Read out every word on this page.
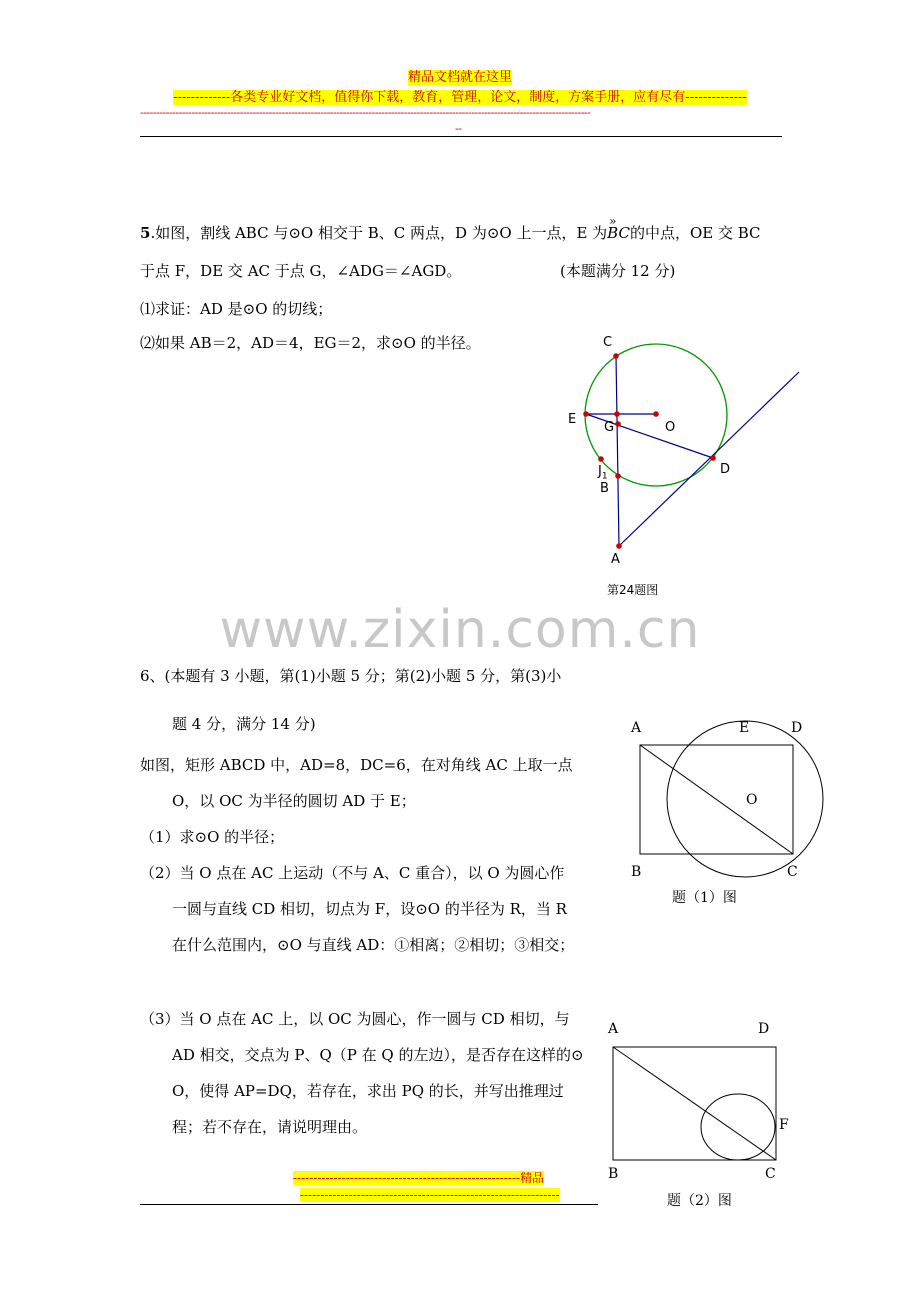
精品文档就在这里
-------------各类专业好文档，值得你下载，教育，管理，论文，制度，方案手册，应有尽有--------------
--------------------------------------------------------------------------------------------------------------------------------------------
--
5.如图，割线 ABC 与⊙O 相交于 B、C 两点，D 为⊙O 上一点，E 为
»
BC的中点，OE 交 BC
于点 F，DE 交 AC 于点 G，∠ADG＝∠AGD。	(本题满分 12 分)
⑴求证：AD 是⊙O 的切线；
⑵如果 AB＝2，AD＝4，EG＝2，求⊙O 的半径。	C
E
G	O
$J_1$
B
D
A
第24题图
www.zixin.com.cn
6、(本题有 3 小题，第(1)小题 5 分；第(2)小题 5 分，第(3)小
题 4 分，满分 14 分)
如图，矩形 ABCD 中，AD=8，DC=6，在对角线 AC 上取一点
O，以 OC 为半径的圆切 AD 于 E；
（1）求⊙O 的半径；
（2）当 O 点在 AC 上运动（不与 A、C 重合），以 O 为圆心作
一圆与直线 CD 相切，切点为 F，设⊙O 的半径为 R，当 R
在什么范围内，⊙O 与直线 AD：①相离；②相切；③相交；
（3）当 O 点在 AC 上，以 OC 为圆心，作一圆与 CD 相切，与
AD 相交，交点为 P、Q（P 在 Q 的左边），是否存在这样的⊙
O，使得 AP=DQ，若存在，求出 PQ 的长，并写出推理过
程；若不存在，请说明理由。
A	E	D
O
B	C
题（1）图
A	D
F
B	C
题（2）图
--------------------------------------------------------精品
----------------------------------------------------------------
